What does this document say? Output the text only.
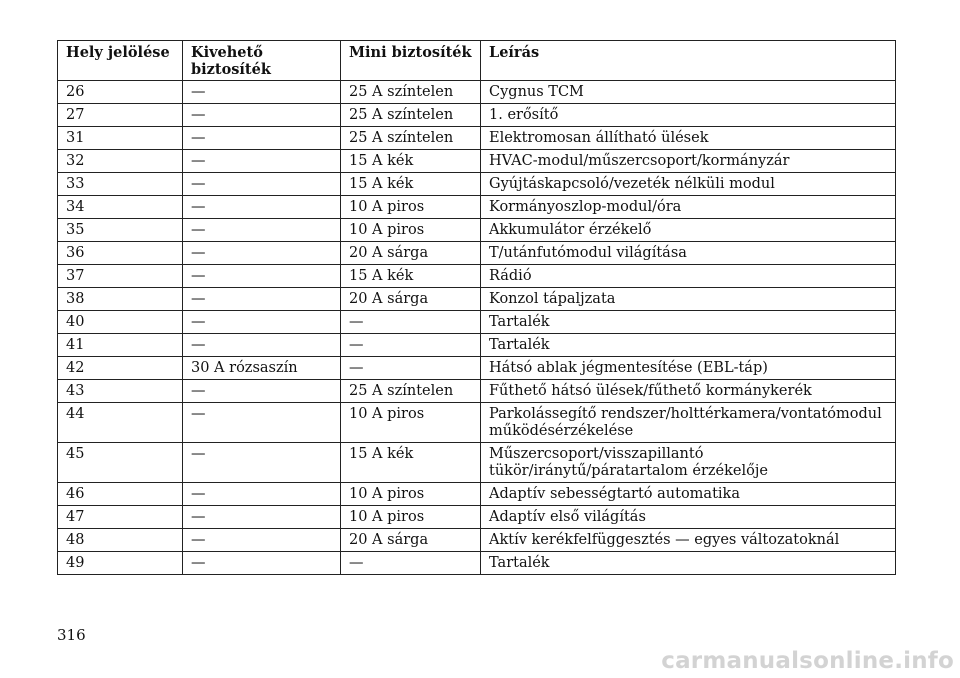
Hely jelölése	Kivehető biztosíték	Mini biztosíték	Leírás
26	—	25 A színtelen	Cygnus TCM
27	—	25 A színtelen	1. erősítő
31	—	25 A színtelen	Elektromosan állítható ülések
32	—	15 A kék	HVAC-modul/műszercsoport/kormányzár
33	—	15 A kék	Gyújtáskapcsoló/vezeték nélküli modul
34	—	10 A piros	Kormányoszlop-modul/óra
35	—	10 A piros	Akkumulátor érzékelő
36	—	20 A sárga	T/utánfutómodul világítása
37	—	15 A kék	Rádió
38	—	20 A sárga	Konzol tápaljzata
40	—	—	Tartalék
41	—	—	Tartalék
42	30 A rózsaszín	—	Hátsó ablak jégmentesítése (EBL-táp)
43	—	25 A színtelen	Fűthető hátsó ülések/fűthető kormánykerék
44	—	10 A piros	Parkolássegítő rendszer/holttérkamera/vontatómodul működésérzékelése
45	—	15 A kék	Műszercsoport/visszapillantó tükör/iránytű/páratartalom érzékelője
46	—	10 A piros	Adaptív sebességtartó automatika
47	—	10 A piros	Adaptív első világítás
48	—	20 A sárga	Aktív kerékfelfüggesztés — egyes változatoknál
49	—	—	Tartalék
316
carmanualsonline.info
